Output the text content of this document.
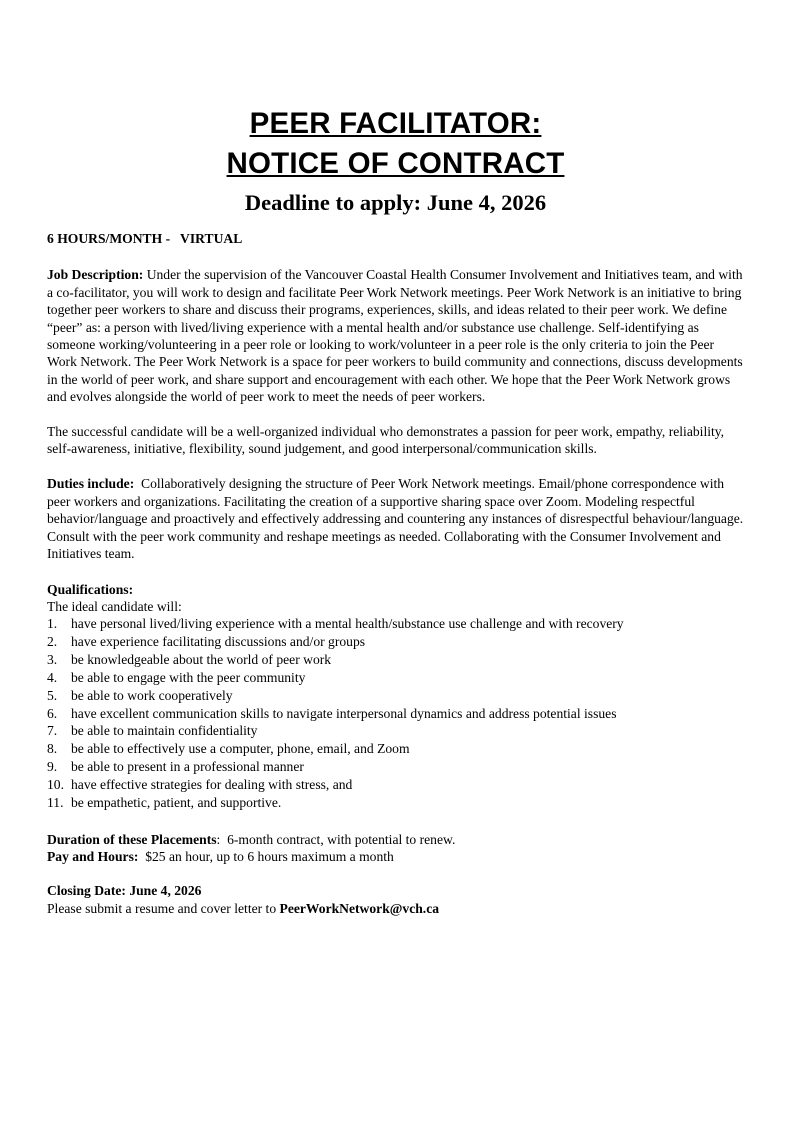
PEER FACILITATOR:
NOTICE OF CONTRACT
Deadline to apply: June 4, 2026

6 HOURS/MONTH -   VIRTUAL

Job Description: Under the supervision of the Vancouver Coastal Health Consumer Involvement and Initiatives team, and with a co-facilitator, you will work to design and facilitate Peer Work Network meetings. Peer Work Network is an initiative to bring together peer workers to share and discuss their programs, experiences, skills, and ideas related to their peer work. We define “peer” as: a person with lived/living experience with a mental health and/or substance use challenge. Self-identifying as someone working/volunteering in a peer role or looking to work/volunteer in a peer role is the only criteria to join the Peer Work Network. The Peer Work Network is a space for peer workers to build community and connections, discuss developments in the world of peer work, and share support and encouragement with each other. We hope that the Peer Work Network grows and evolves alongside the world of peer work to meet the needs of peer workers.

The successful candidate will be a well-organized individual who demonstrates a passion for peer work, empathy, reliability, self-awareness, initiative, flexibility, sound judgement, and good interpersonal/communication skills.

Duties include:  Collaboratively designing the structure of Peer Work Network meetings. Email/phone correspondence with peer workers and organizations. Facilitating the creation of a supportive sharing space over Zoom. Modeling respectful behavior/language and proactively and effectively addressing and countering any instances of disrespectful behaviour/language. Consult with the peer work community and reshape meetings as needed. Collaborating with the Consumer Involvement and Initiatives team.

Qualifications:
The ideal candidate will:
1.	have personal lived/living experience with a mental health/substance use challenge and with recovery
2.	have experience facilitating discussions and/or groups
3.	be knowledgeable about the world of peer work
4.	be able to engage with the peer community
5.	be able to work cooperatively
6.	have excellent communication skills to navigate interpersonal dynamics and address potential issues
7.	be able to maintain confidentiality
8.	be able to effectively use a computer, phone, email, and Zoom
9.	be able to present in a professional manner
10. have effective strategies for dealing with stress, and
11. be empathetic, patient, and supportive.

Duration of these Placements:  6-month contract, with potential to renew.

Pay and Hours:  $25 an hour, up to 6 hours maximum a month

Closing Date: June 4, 2026

Please submit a resume and cover letter to PeerWorkNetwork@vch.ca
